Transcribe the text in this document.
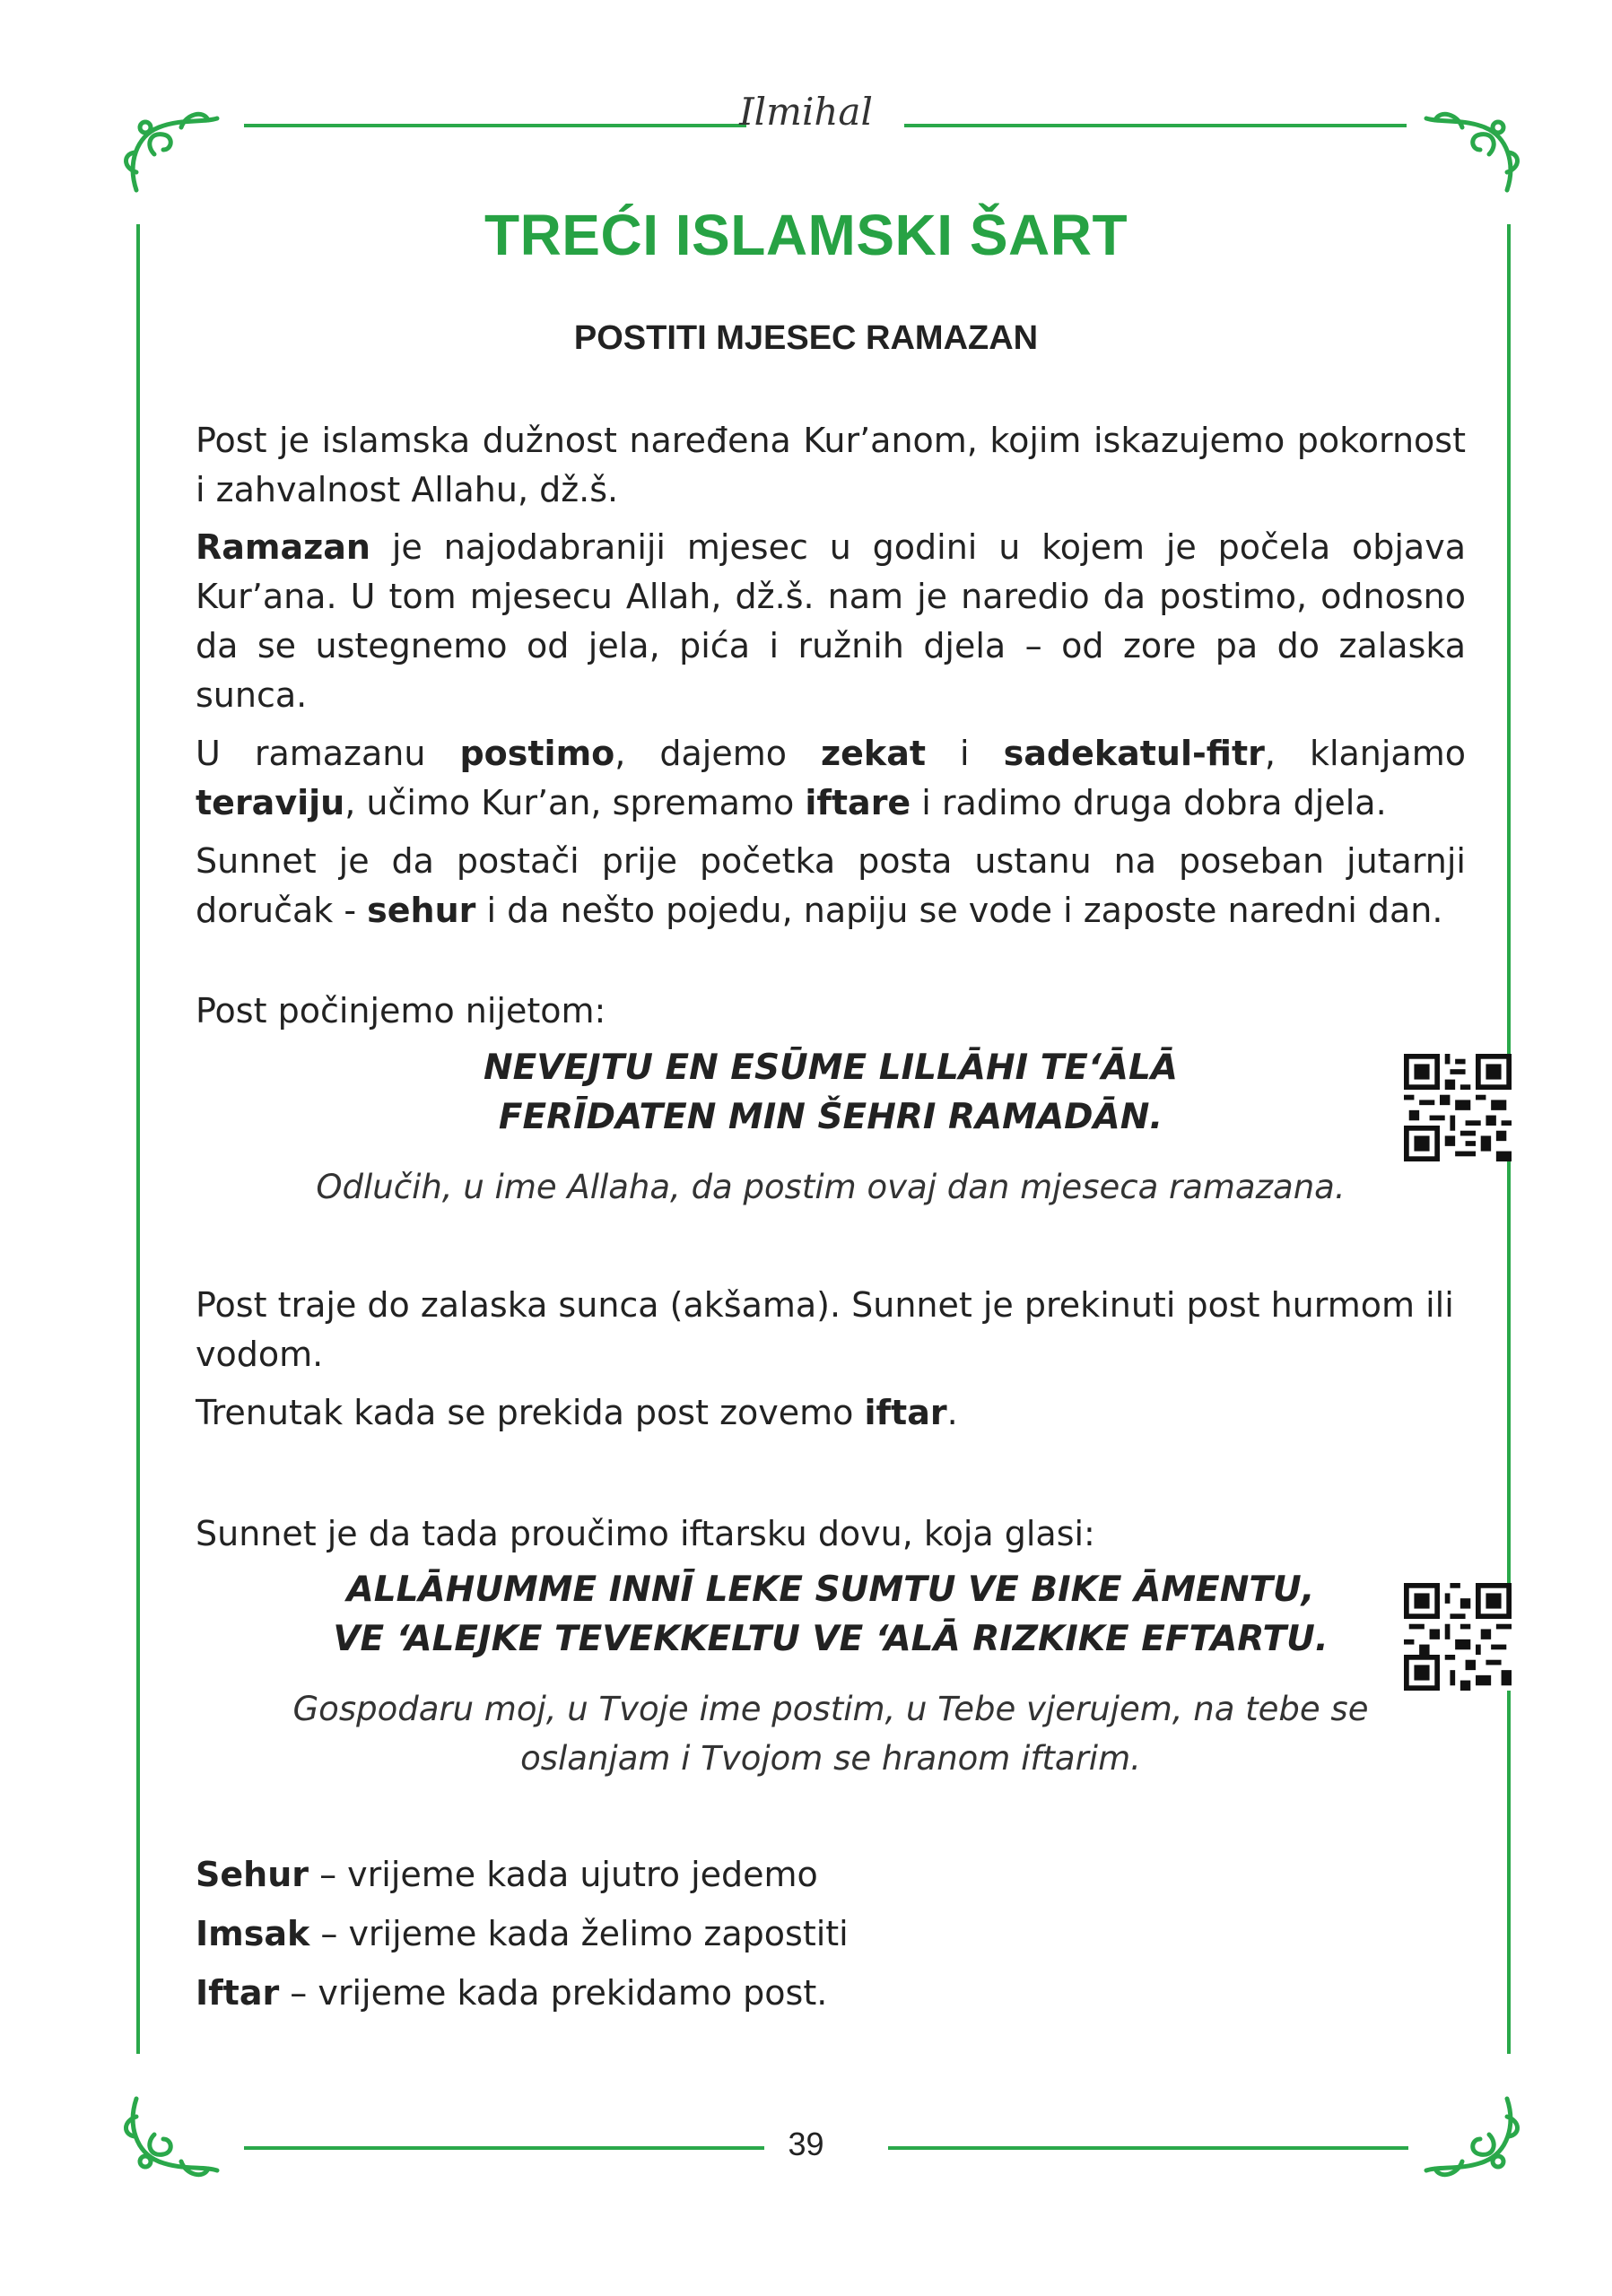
Ilmihal
39
TREĆI ISLAMSKI ŠART
POSTITI MJESEC RAMAZAN
Post je islamska dužnost naređena Kur’anom, kojim iskazujemo pokornost i zahvalnost Allahu, dž.š.
Ramazan je najodabraniji mjesec u godini u kojem je počela objava Kur’ana. U tom mjesecu Allah, dž.š. nam je naredio da postimo, odnosno da se ustegnemo od jela, pića i ružnih djela – od zore pa do zalaska sunca.
U ramazanu postimo, dajemo zekat i sadekatul-fitr, klanjamo teraviju, učimo Kur’an, spremamo iftare i radimo druga dobra djela.
Sunnet je da postači prije početka posta ustanu na poseban jutarnji doručak - sehur i da nešto pojedu, napiju se vode i zaposte naredni dan.
Post počinjemo nijetom:
NEVEJTU EN ESŪME LILLĀHI TE‘ĀLĀ
FERĪDATEN MIN ŠEHRI RAMADĀN.
Odlučih, u ime Allaha, da postim ovaj dan mjeseca ramazana.
Post traje do zalaska sunca (akšama). Sunnet je prekinuti post hurmom ili vodom.
Trenutak kada se prekida post zovemo iftar.
Sunnet je da tada proučimo iftarsku dovu, koja glasi:
ALLĀHUMME INNĪ LEKE SUMTU VE BIKE ĀMENTU,
VE ‘ALEJKE TEVEKKELTU VE ‘ALĀ RIZKIKE EFTARTU.
Gospodaru moj, u Tvoje ime postim, u Tebe vjerujem, na tebe se
oslanjam i Tvojom se hranom iftarim.
Sehur – vrijeme kada ujutro jedemo
Imsak – vrijeme kada želimo zapostiti
Iftar – vrijeme kada prekidamo post.
